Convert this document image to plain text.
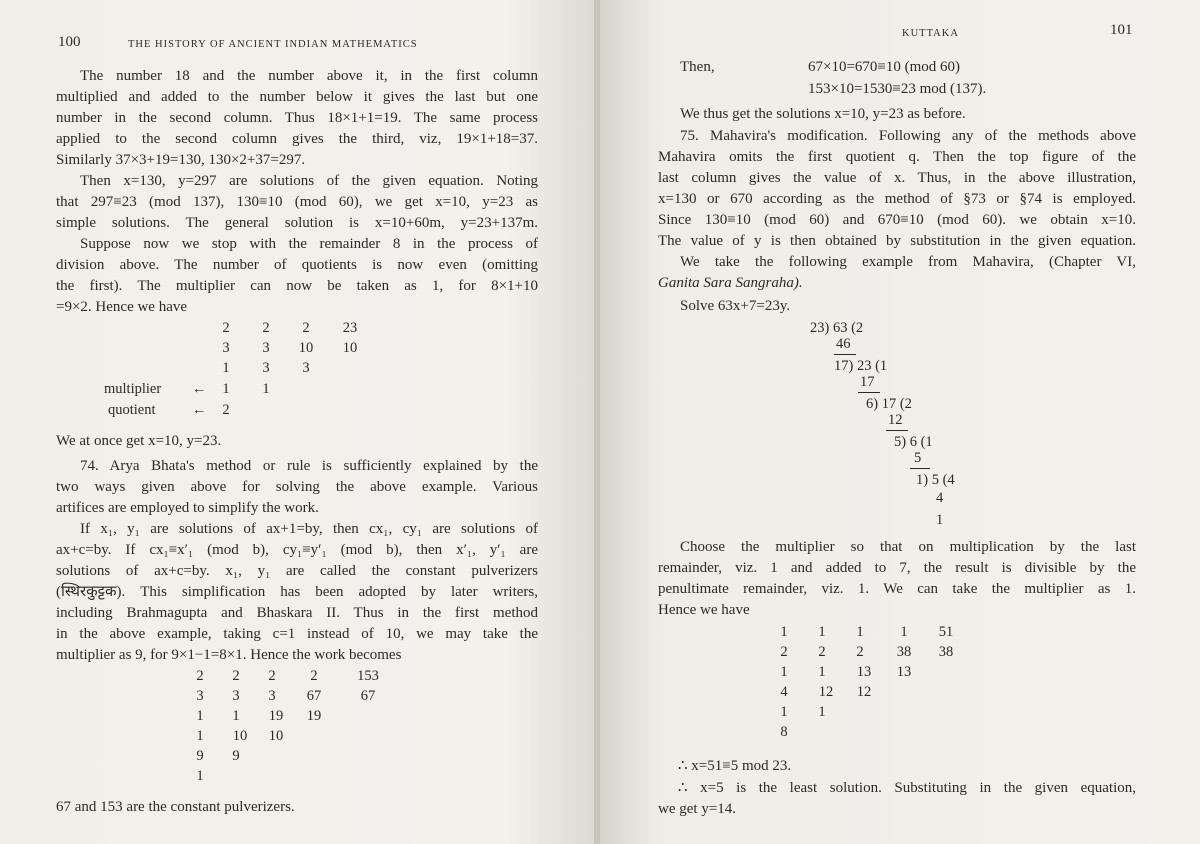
100	THE HISTORY OF ANCIENT INDIAN MATHEMATICS
The number 18 and the number above it, in the first column
multiplied and added to the number below it gives the last but one
number in the second column. Thus 18×1+1=19. The same process
applied to the second column gives the third, viz, 19×1+18=37.
Similarly 37×3+19=130, 130×2+37=297.
Then x=130, y=297 are solutions of the given equation. Noting
that 297≡23 (mod 137), 130≡10 (mod 60), we get x=10, y=23 as
simple solutions. The general solution is x=10+60m, y=23+137m.
Suppose now we stop with the remainder 8 in the process of
division above. The number of quotients is now even (omitting
the first). The multiplier can now be taken as 1, for 8×1+10
=9×2. Hence we have
2	2	2	23
3	3	10	10
1	3	3
multiplier ←	1	1
quotient	←	2
We at once get x=10, y=23.
74. Arya Bhata's method or rule is sufficiently explained by the
two ways given above for solving the above example. Various
artifices are employed to simplify the work.
If x₁, y₁ are solutions of ax+1=by, then cx₁, cy₁ are solutions of
ax+c=by. If cx₁≡x′₁ (mod b), cy₁≡y′₁ (mod b), then x′₁, y′₁ are
solutions of ax+c=by. x₁, y₁ are called the constant pulverizers
(स्थिरकुट्टक). This simplification has been adopted by later writers,
including Brahmagupta and Bhaskara II. Thus in the first method
in the above example, taking c=1 instead of 10, we may take the
multiplier as 9, for 9×1−1=8×1. Hence the work becomes
2	2	2	2	153
3	3	3	67	67
1	1	19	19
1	10	10
9	9
1
67 and 153 are the constant pulverizers.
KUTTAKA	101
Then,	67×10=670≡10 (mod 60)
153×10=1530≡23 mod (137).
We thus get the solutions x=10, y=23 as before.
75. Mahavira's modification. Following any of the methods above
Mahavira omits the first quotient q. Then the top figure of the
last column gives the value of x. Thus, in the above illustration,
x=130 or 670 according as the method of §73 or §74 is employed.
Since 130≡10 (mod 60) and 670≡10 (mod 60). we obtain x=10.
The value of y is then obtained by substitution in the given equation.
We take the following example from Mahavira, (Chapter VI,
Ganita Sara Sangraha).
Solve 63x+7=23y.
23) 63 (2
46
17) 23 (1
17
6) 17 (2
12
5) 6 (1
5
1) 5 (4
4
1
Choose the multiplier so that on multiplication by the last
remainder, viz. 1 and added to 7, the result is divisible by the
penultimate remainder, viz. 1. We can take the multiplier as 1.
Hence we have
1	1	1	1	51
2	2	2	38	38
1	1	13	13
4	12	12
1	1
8
∴ x=51≡5 mod 23.
∴ x=5 is the least solution. Substituting in the given equation,
we get y=14.
